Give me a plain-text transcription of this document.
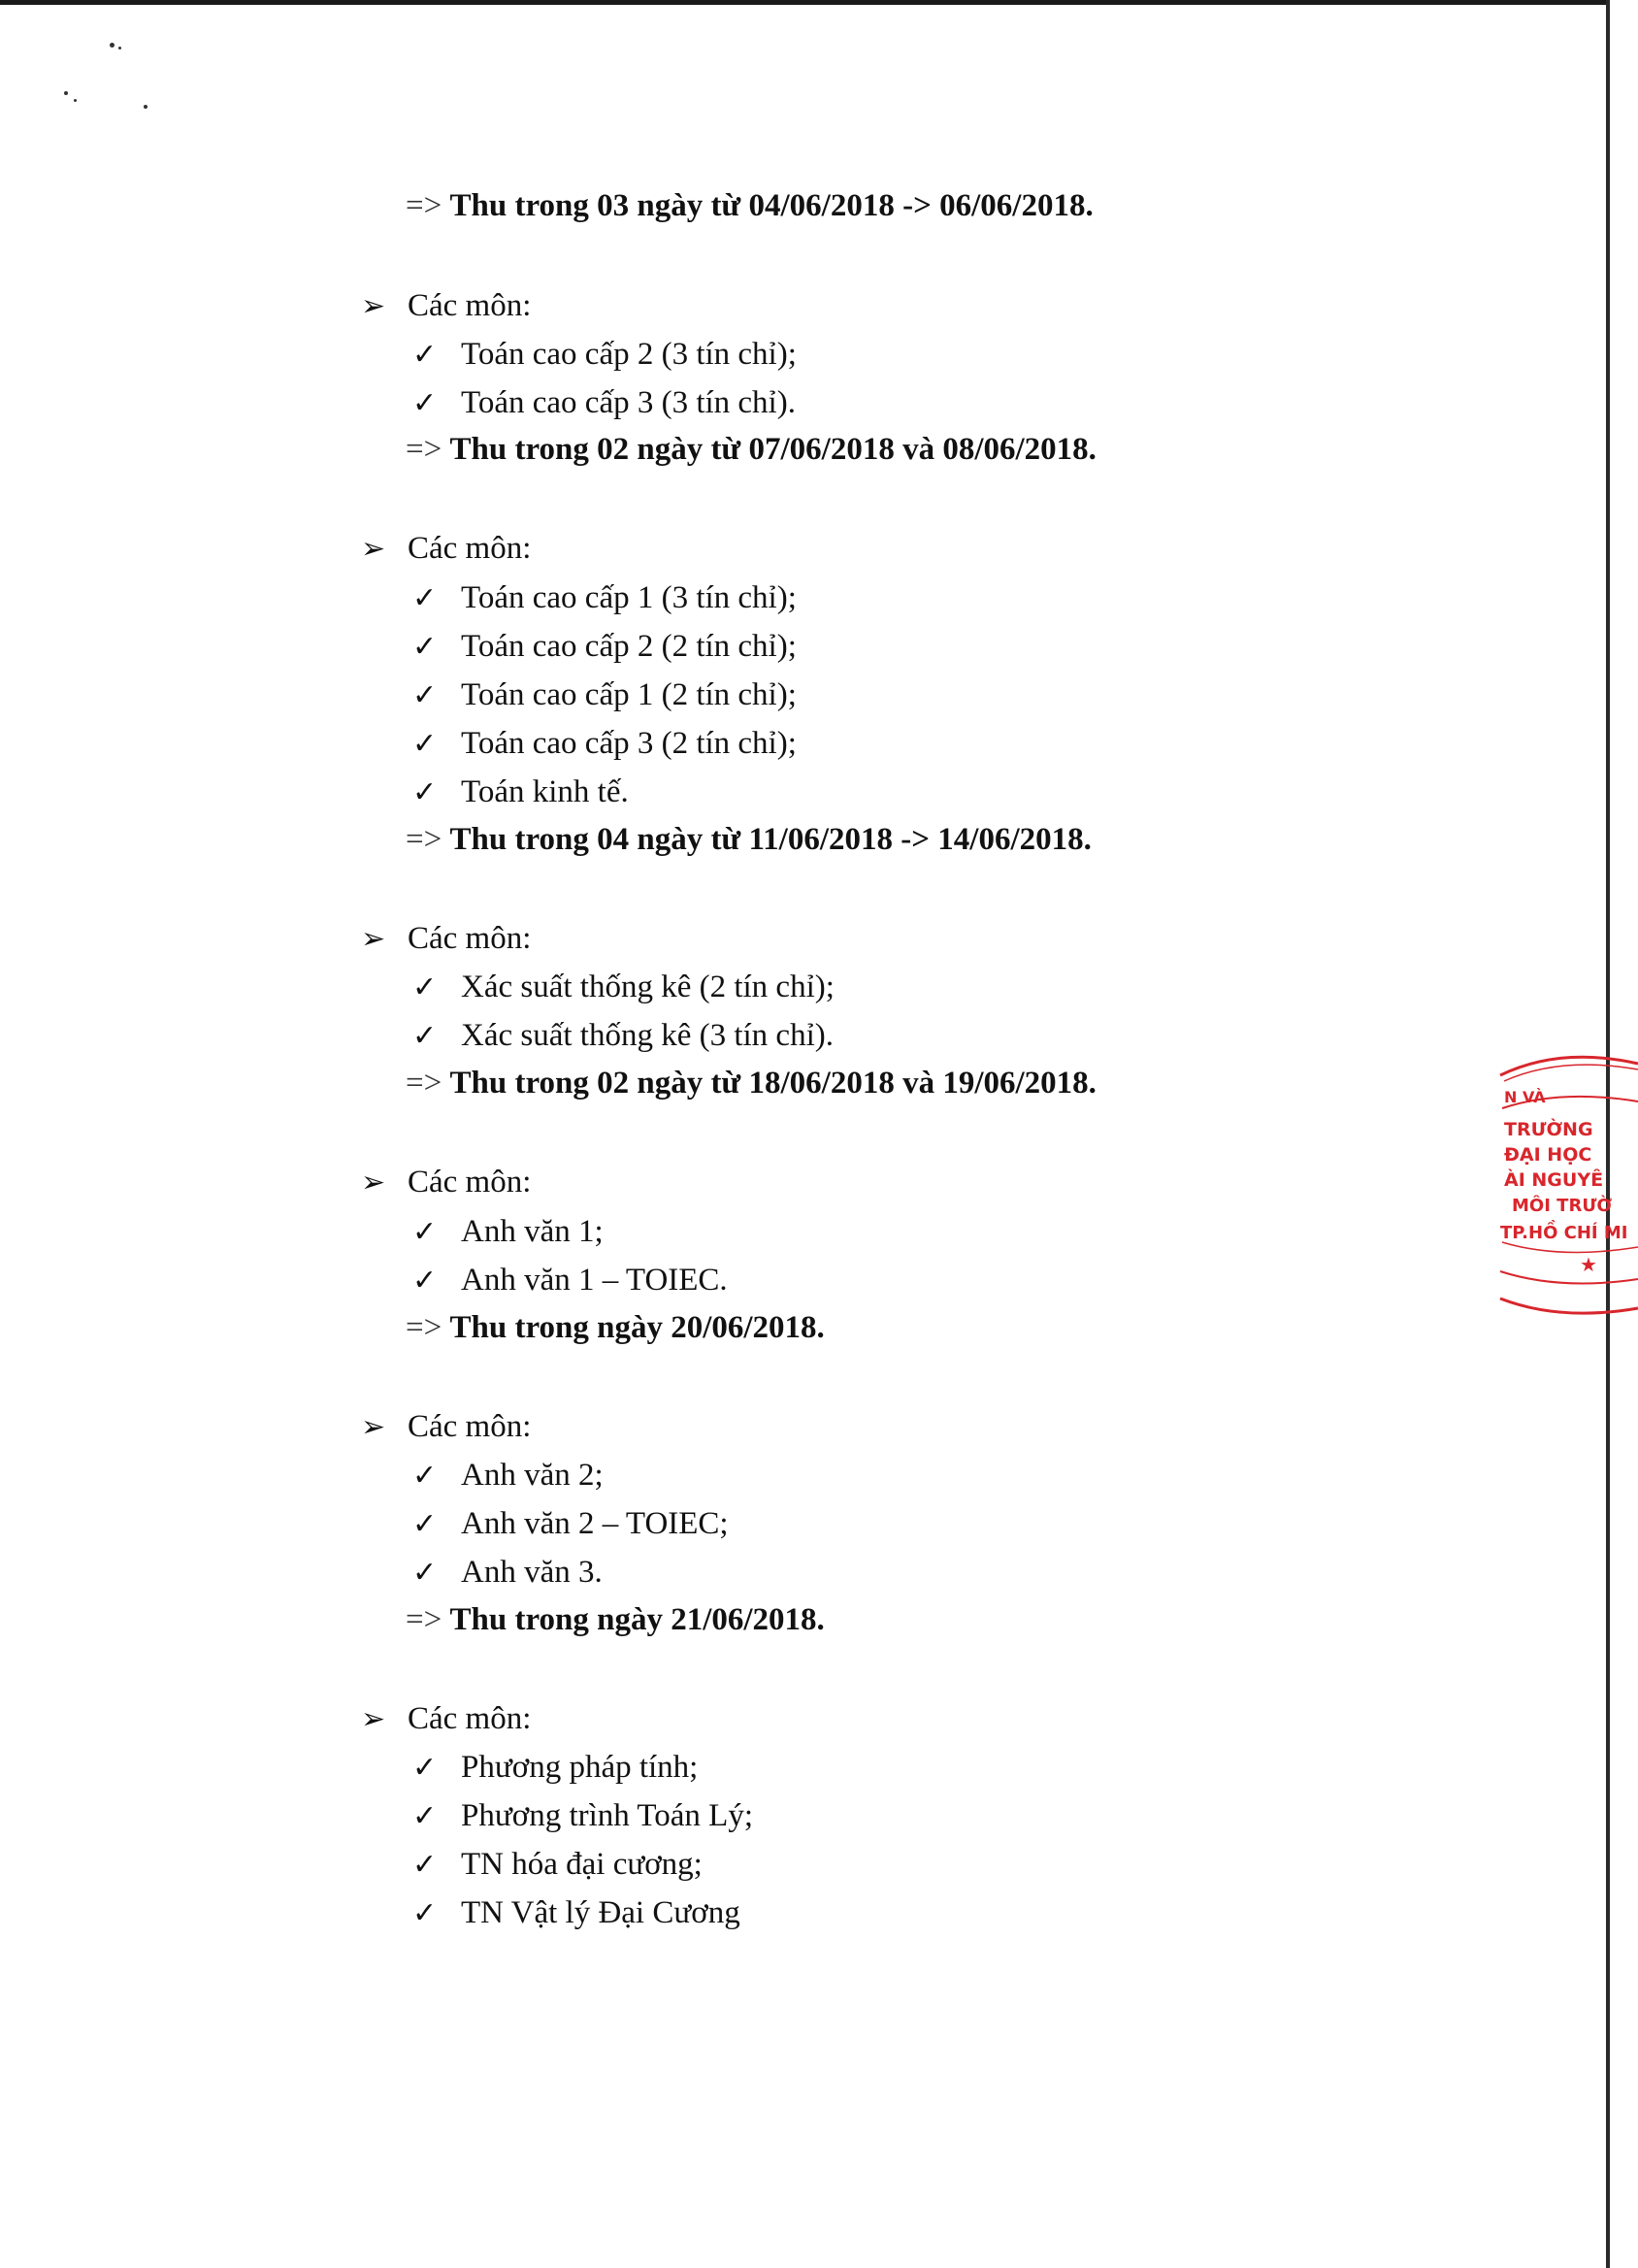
=> Thu trong 03 ngày từ 04/06/2018 -> 06/06/2018.
➢ Các môn:
✓ Toán cao cấp 2 (3 tín chỉ);
✓ Toán cao cấp 3 (3 tín chỉ).
=> Thu trong 02 ngày từ 07/06/2018 và 08/06/2018.
➢ Các môn:
✓ Toán cao cấp 1 (3 tín chỉ);
✓ Toán cao cấp 2 (2 tín chỉ);
✓ Toán cao cấp 1 (2 tín chỉ);
✓ Toán cao cấp 3 (2 tín chỉ);
✓ Toán kinh tế.
=> Thu trong 04 ngày từ 11/06/2018 -> 14/06/2018.
➢ Các môn:
✓ Xác suất thống kê (2 tín chỉ);
✓ Xác suất thống kê (3 tín chỉ).
=> Thu trong 02 ngày từ 18/06/2018 và 19/06/2018.
➢ Các môn:
✓ Anh văn 1;
✓ Anh văn 1 – TOIEC.
=> Thu trong ngày 20/06/2018.
➢ Các môn:
✓ Anh văn 2;
✓ Anh văn 2 – TOIEC;
✓ Anh văn 3.
=> Thu trong ngày 21/06/2018.
➢ Các môn:
✓ Phương pháp tính;
✓ Phương trình Toán Lý;
✓ TN hóa đại cương;
✓ TN Vật lý Đại Cương
N VÀ
TRƯỜNG
ĐẠI HỌC
ÀI NGUYÊ
MÔI TRƯỜ
TP.HỒ CHÍ MI
★
